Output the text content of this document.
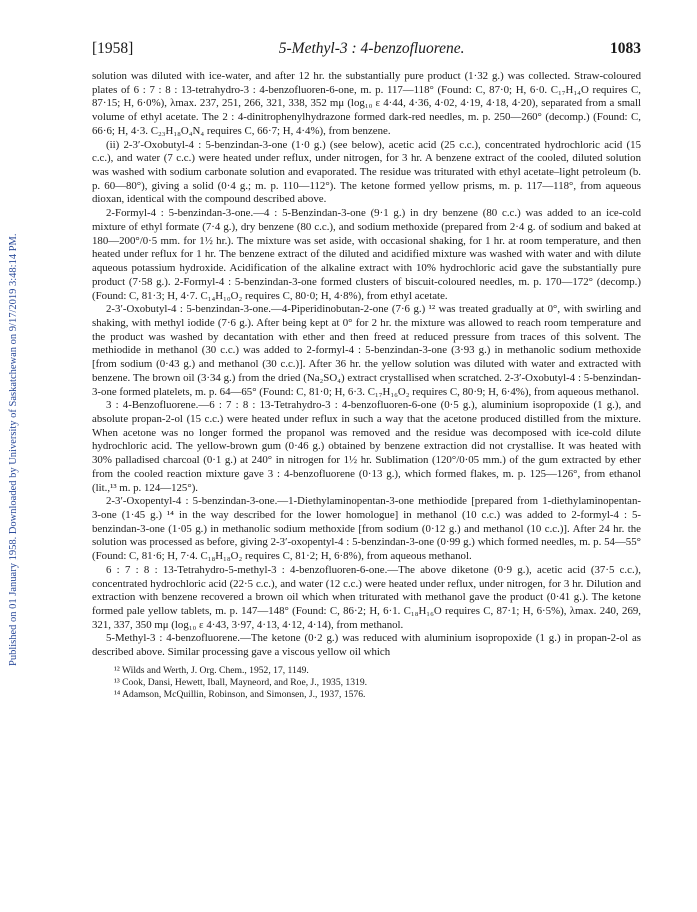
Published on 01 January 1958. Downloaded by University of Saskatchewan on 9/17/2019 3:48:14 PM.
[1958]	5-Methyl-3 : 4-benzofluorene.	1083

solution was diluted with ice-water, and after 12 hr. the substantially pure product (1·32 g.) was collected. Straw-coloured plates of 6 : 7 : 8 : 13-tetrahydro-3 : 4-benzofluoren-6-one, m. p. 117—118° (Found: C, 87·0; H, 6·0. C₁₇H₁₄O requires C, 87·15; H, 6·0%), λmax. 237, 251, 266, 321, 338, 352 mμ (log₁₀ ε 4·44, 4·36, 4·02, 4·19, 4·18, 4·20), separated from a small volume of ethyl acetate. The 2 : 4-dinitrophenylhydrazone formed dark-red needles, m. p. 250—260° (decomp.) (Found: C, 66·6; H, 4·3. C₂₃H₁₈O₄N₄ requires C, 66·7; H, 4·4%), from benzene.

(ii) 2-3′-Oxobutyl-4 : 5-benzindan-3-one (1·0 g.) (see below), acetic acid (25 c.c.), concentrated hydrochloric acid (15 c.c.), and water (7 c.c.) were heated under reflux, under nitrogen, for 3 hr. A benzene extract of the cooled, diluted solution was washed with sodium carbonate solution and evaporated. The residue was triturated with ethyl acetate–light petroleum (b. p. 60—80°), giving a solid (0·4 g.; m. p. 110—112°). The ketone formed yellow prisms, m. p. 117—118°, from aqueous dioxan, identical with the compound described above.

2-Formyl-4 : 5-benzindan-3-one.—4 : 5-Benzindan-3-one (9·1 g.) in dry benzene (80 c.c.) was added to an ice-cold mixture of ethyl formate (7·4 g.), dry benzene (80 c.c.), and sodium methoxide (prepared from 2·4 g. of sodium and baked at 180—200°/0·5 mm. for 1½ hr.). The mixture was set aside, with occasional shaking, for 1 hr. at room temperature, and then heated under reflux for 1 hr. The benzene extract of the diluted and acidified mixture was washed with water and with dilute aqueous potassium hydroxide. Acidification of the alkaline extract with 10% hydrochloric acid gave the substantially pure product (7·58 g.). 2-Formyl-4 : 5-benzindan-3-one formed clusters of biscuit-coloured needles, m. p. 170—172° (decomp.) (Found: C, 81·3; H, 4·7. C₁₄H₁₀O₂ requires C, 80·0; H, 4·8%), from ethyl acetate.

2-3′-Oxobutyl-4 : 5-benzindan-3-one.—4-Piperidinobutan-2-one (7·6 g.) ¹² was treated gradually at 0°, with swirling and shaking, with methyl iodide (7·6 g.). After being kept at 0° for 2 hr. the mixture was allowed to reach room temperature and the product was washed by decantation with ether and then freed at reduced pressure from traces of this solvent. The methiodide in methanol (30 c.c.) was added to 2-formyl-4 : 5-benzindan-3-one (3·93 g.) in methanolic sodium methoxide [from sodium (0·43 g.) and methanol (30 c.c.)]. After 36 hr. the yellow solution was diluted with water and extracted with benzene. The brown oil (3·34 g.) from the dried (Na₂SO₄) extract crystallised when scratched. 2-3′-Oxobutyl-4 : 5-benzindan-3-one formed platelets, m. p. 64—65° (Found: C, 81·0; H, 6·3. C₁₇H₁₆O₂ requires C, 80·9; H, 6·4%), from aqueous methanol.

3 : 4-Benzofluorene.—6 : 7 : 8 : 13-Tetrahydro-3 : 4-benzofluoren-6-one (0·5 g.), aluminium isopropoxide (1 g.), and absolute propan-2-ol (15 c.c.) were heated under reflux in such a way that the acetone produced distilled from the mixture. When acetone was no longer formed the propanol was removed and the residue was decomposed with ice-cold dilute hydrochloric acid. The yellow-brown gum (0·46 g.) obtained by benzene extraction did not crystallise. It was heated with 30% palladised charcoal (0·1 g.) at 240° in nitrogen for 1½ hr. Sublimation (120°/0·05 mm.) of the gum extracted by ether from the cooled reaction mixture gave 3 : 4-benzofluorene (0·13 g.), which formed flakes, m. p. 125—126°, from ethanol (lit.,¹³ m. p. 124—125°).

2-3′-Oxopentyl-4 : 5-benzindan-3-one.—1-Diethylaminopentan-3-one methiodide [prepared from 1-diethylaminopentan-3-one (1·45 g.) ¹⁴ in the way described for the lower homologue] in methanol (10 c.c.) was added to 2-formyl-4 : 5-benzindan-3-one (1·05 g.) in methanolic sodium methoxide [from sodium (0·12 g.) and methanol (10 c.c.)]. After 24 hr. the solution was processed as before, giving 2-3′-oxopentyl-4 : 5-benzindan-3-one (0·99 g.) which formed needles, m. p. 54—55° (Found: C, 81·6; H, 7·4. C₁₈H₁₈O₂ requires C, 81·2; H, 6·8%), from aqueous methanol.

6 : 7 : 8 : 13-Tetrahydro-5-methyl-3 : 4-benzofluoren-6-one.—The above diketone (0·9 g.), acetic acid (37·5 c.c.), concentrated hydrochloric acid (22·5 c.c.), and water (12 c.c.) were heated under reflux, under nitrogen, for 3 hr. Dilution and extraction with benzene recovered a brown oil which when triturated with methanol gave the product (0·41 g.). The ketone formed pale yellow tablets, m. p. 147—148° (Found: C, 86·2; H, 6·1. C₁₈H₁₆O requires C, 87·1; H, 6·5%), λmax. 240, 269, 321, 337, 350 mμ (log₁₀ ε 4·43, 3·97, 4·13, 4·12, 4·14), from methanol.

5-Methyl-3 : 4-benzofluorene.—The ketone (0·2 g.) was reduced with aluminium isopropoxide (1 g.) in propan-2-ol as described above. Similar processing gave a viscous yellow oil which

¹² Wilds and Werth, J. Org. Chem., 1952, 17, 1149.
¹³ Cook, Dansi, Hewett, Iball, Mayneord, and Roe, J., 1935, 1319.
¹⁴ Adamson, McQuillin, Robinson, and Simonsen, J., 1937, 1576.
